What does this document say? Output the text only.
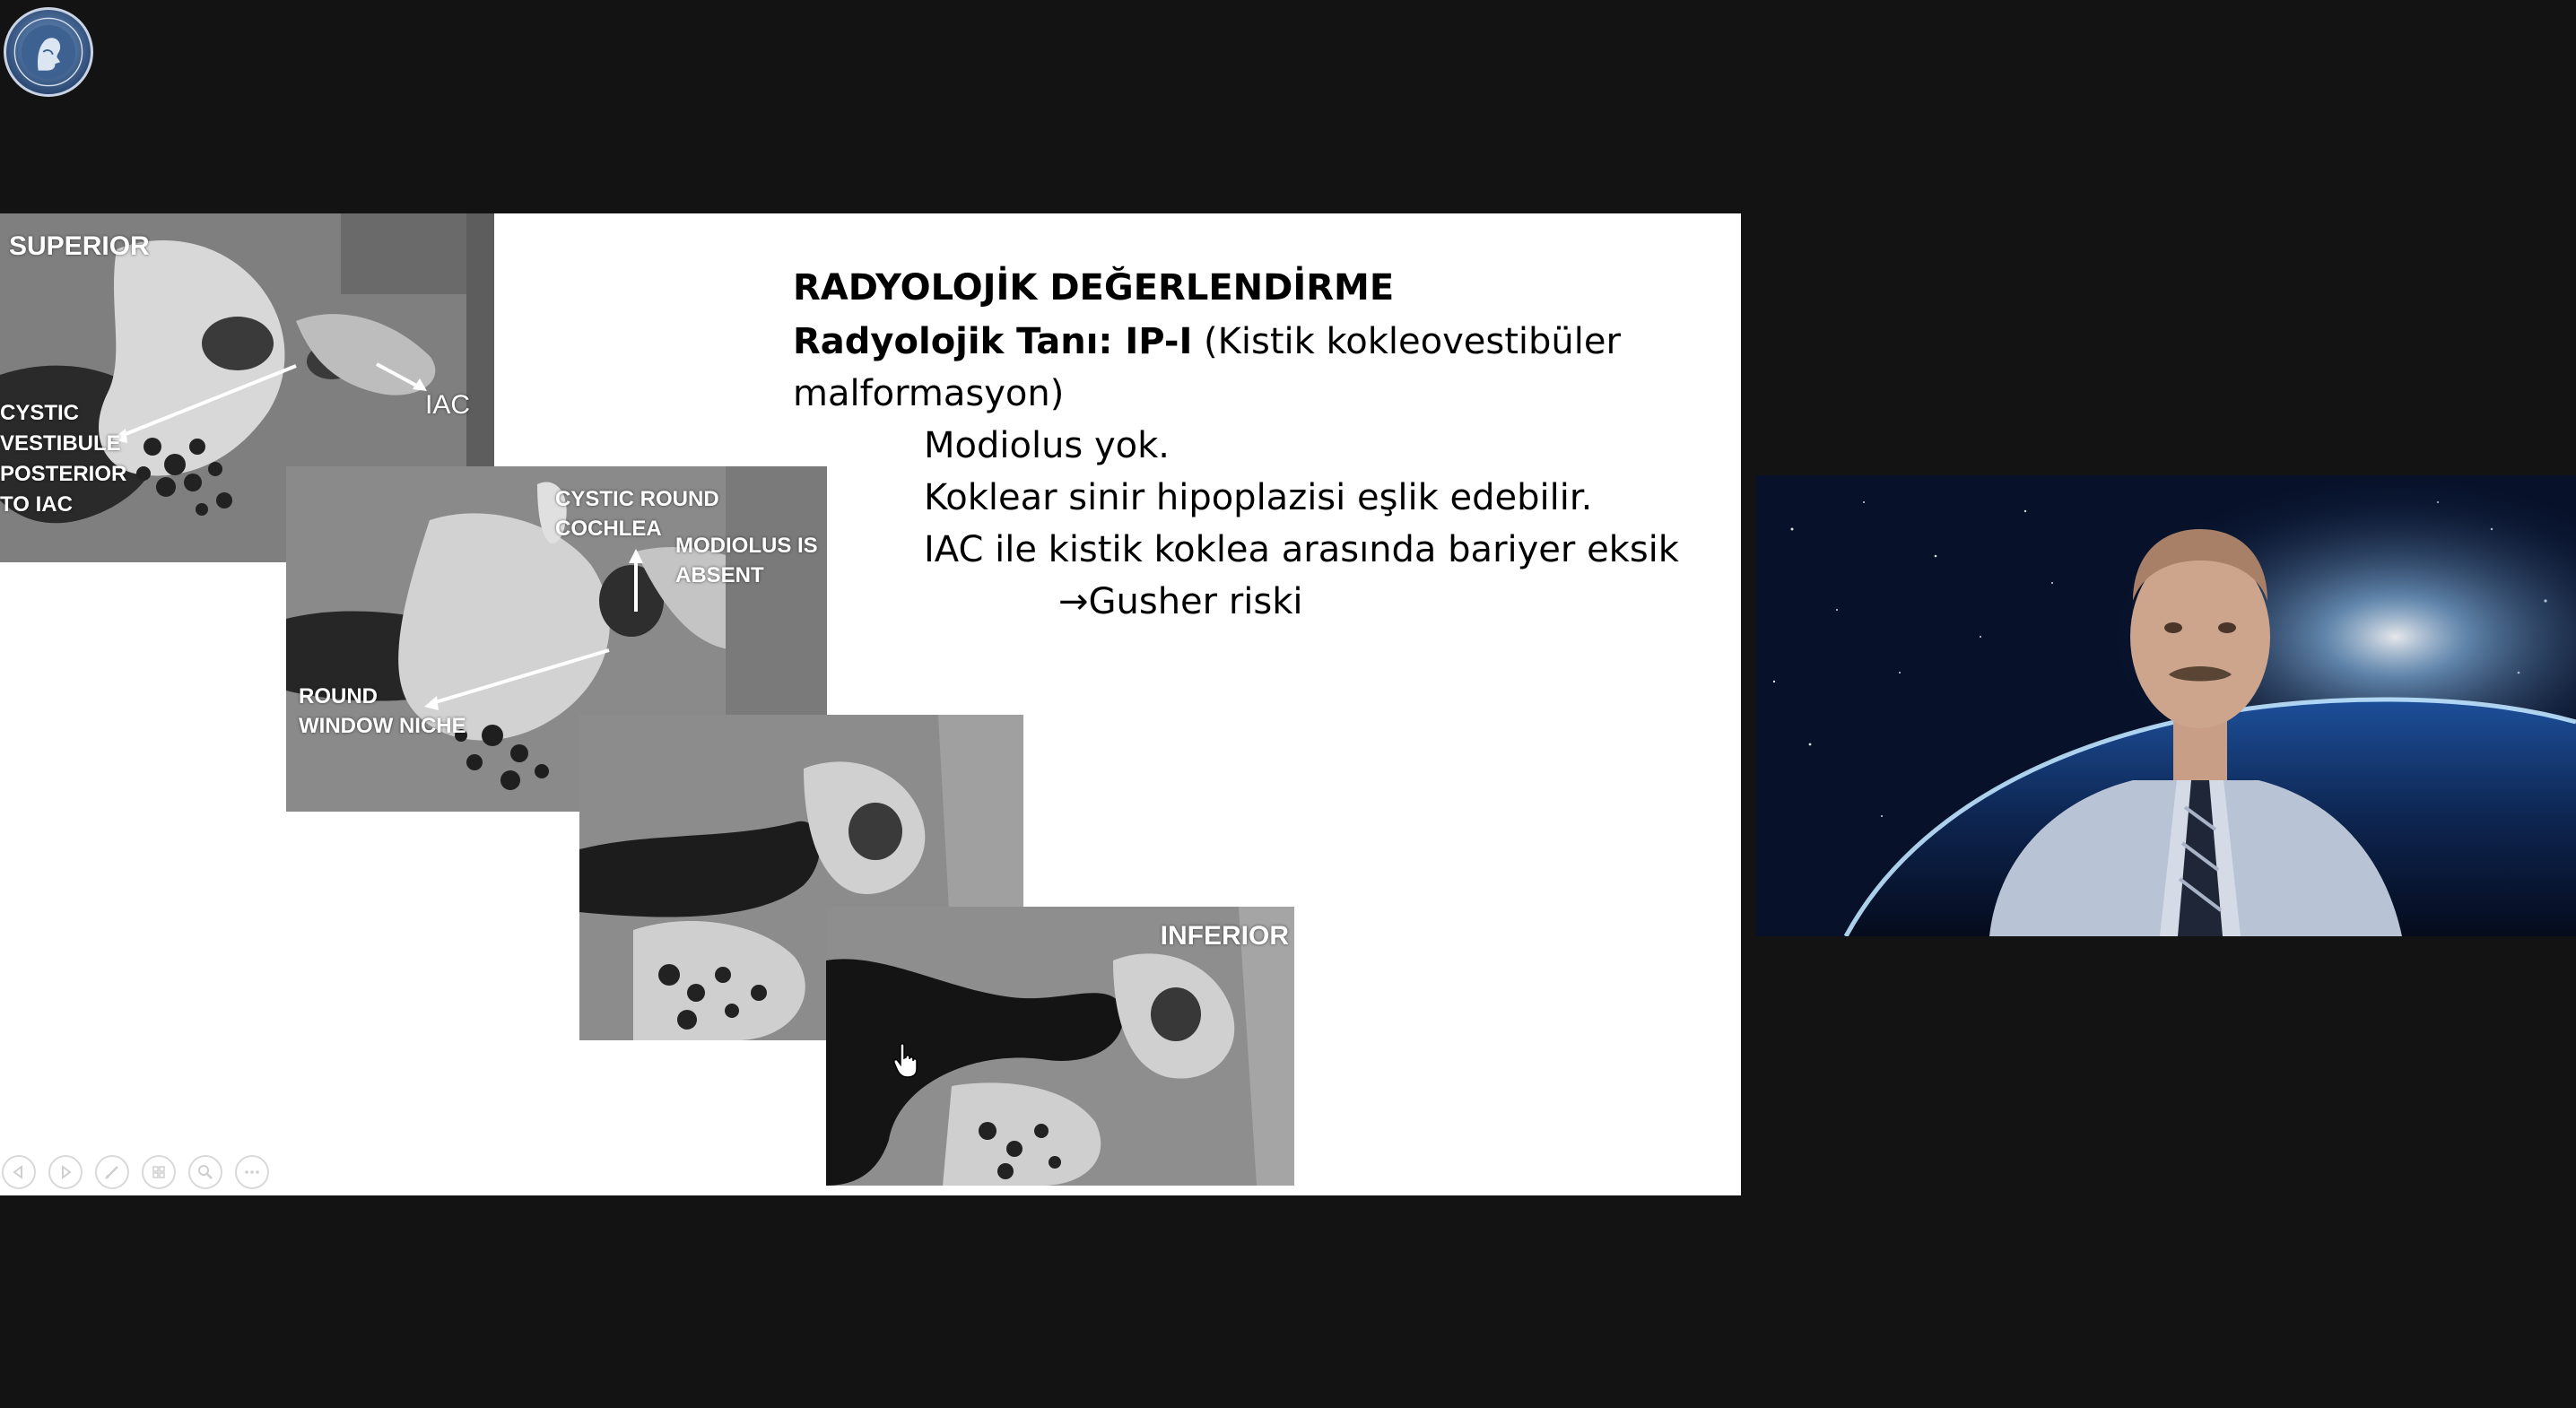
SUPERIOR
IAC
CYSTIC
VESTIBULE
POSTERIOR
TO IAC	CYSTIC ROUND
COCHLEA
MODIOLUS IS
ABSENT
ROUND
WINDOW NICHE
INFERIOR

RADYOLOJİK DEĞERLENDİRME

Radyolojik Tanı: IP-I (Kistik kokleovestibüler malformasyon)

Modiolus yok.

Koklear sinir hipoplazisi eşlik edebilir.

IAC ile kistik koklea arasında bariyer eksik

→Gusher riski
